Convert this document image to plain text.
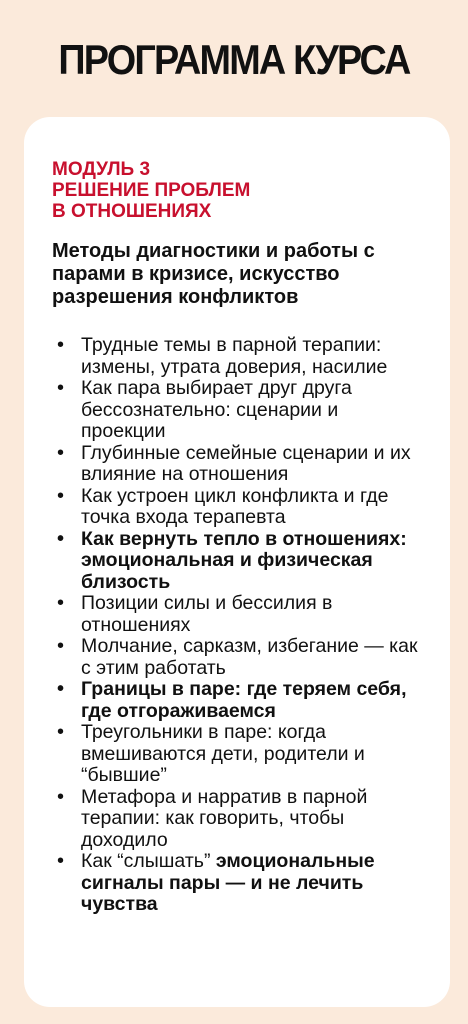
ПРОГРАММА КУРСА
МОДУЛЬ 3
РЕШЕНИЕ ПРОБЛЕМ
В ОТНОШЕНИЯХ
Методы диагностики и работы с парами в кризисе, искусство разрешения конфликтов
• Трудные темы в парной терапии: измены, утрата доверия, насилие
• Как пара выбирает друг друга бессознательно: сценарии и проекции
• Глубинные семейные сценарии и их влияние на отношения
• Как устроен цикл конфликта и где точка входа терапевта
• Как вернуть тепло в отношениях: эмоциональная и физическая близость
• Позиции силы и бессилия в отношениях
• Молчание, сарказм, избегание — как с этим работать
• Границы в паре: где теряем себя, где отгораживаемся
• Треугольники в паре: когда вмешиваются дети, родители и “бывшие”
• Метафора и нарратив в парной терапии: как говорить, чтобы доходило
• Как “слышать” эмоциональные сигналы пары — и не лечить чувства
